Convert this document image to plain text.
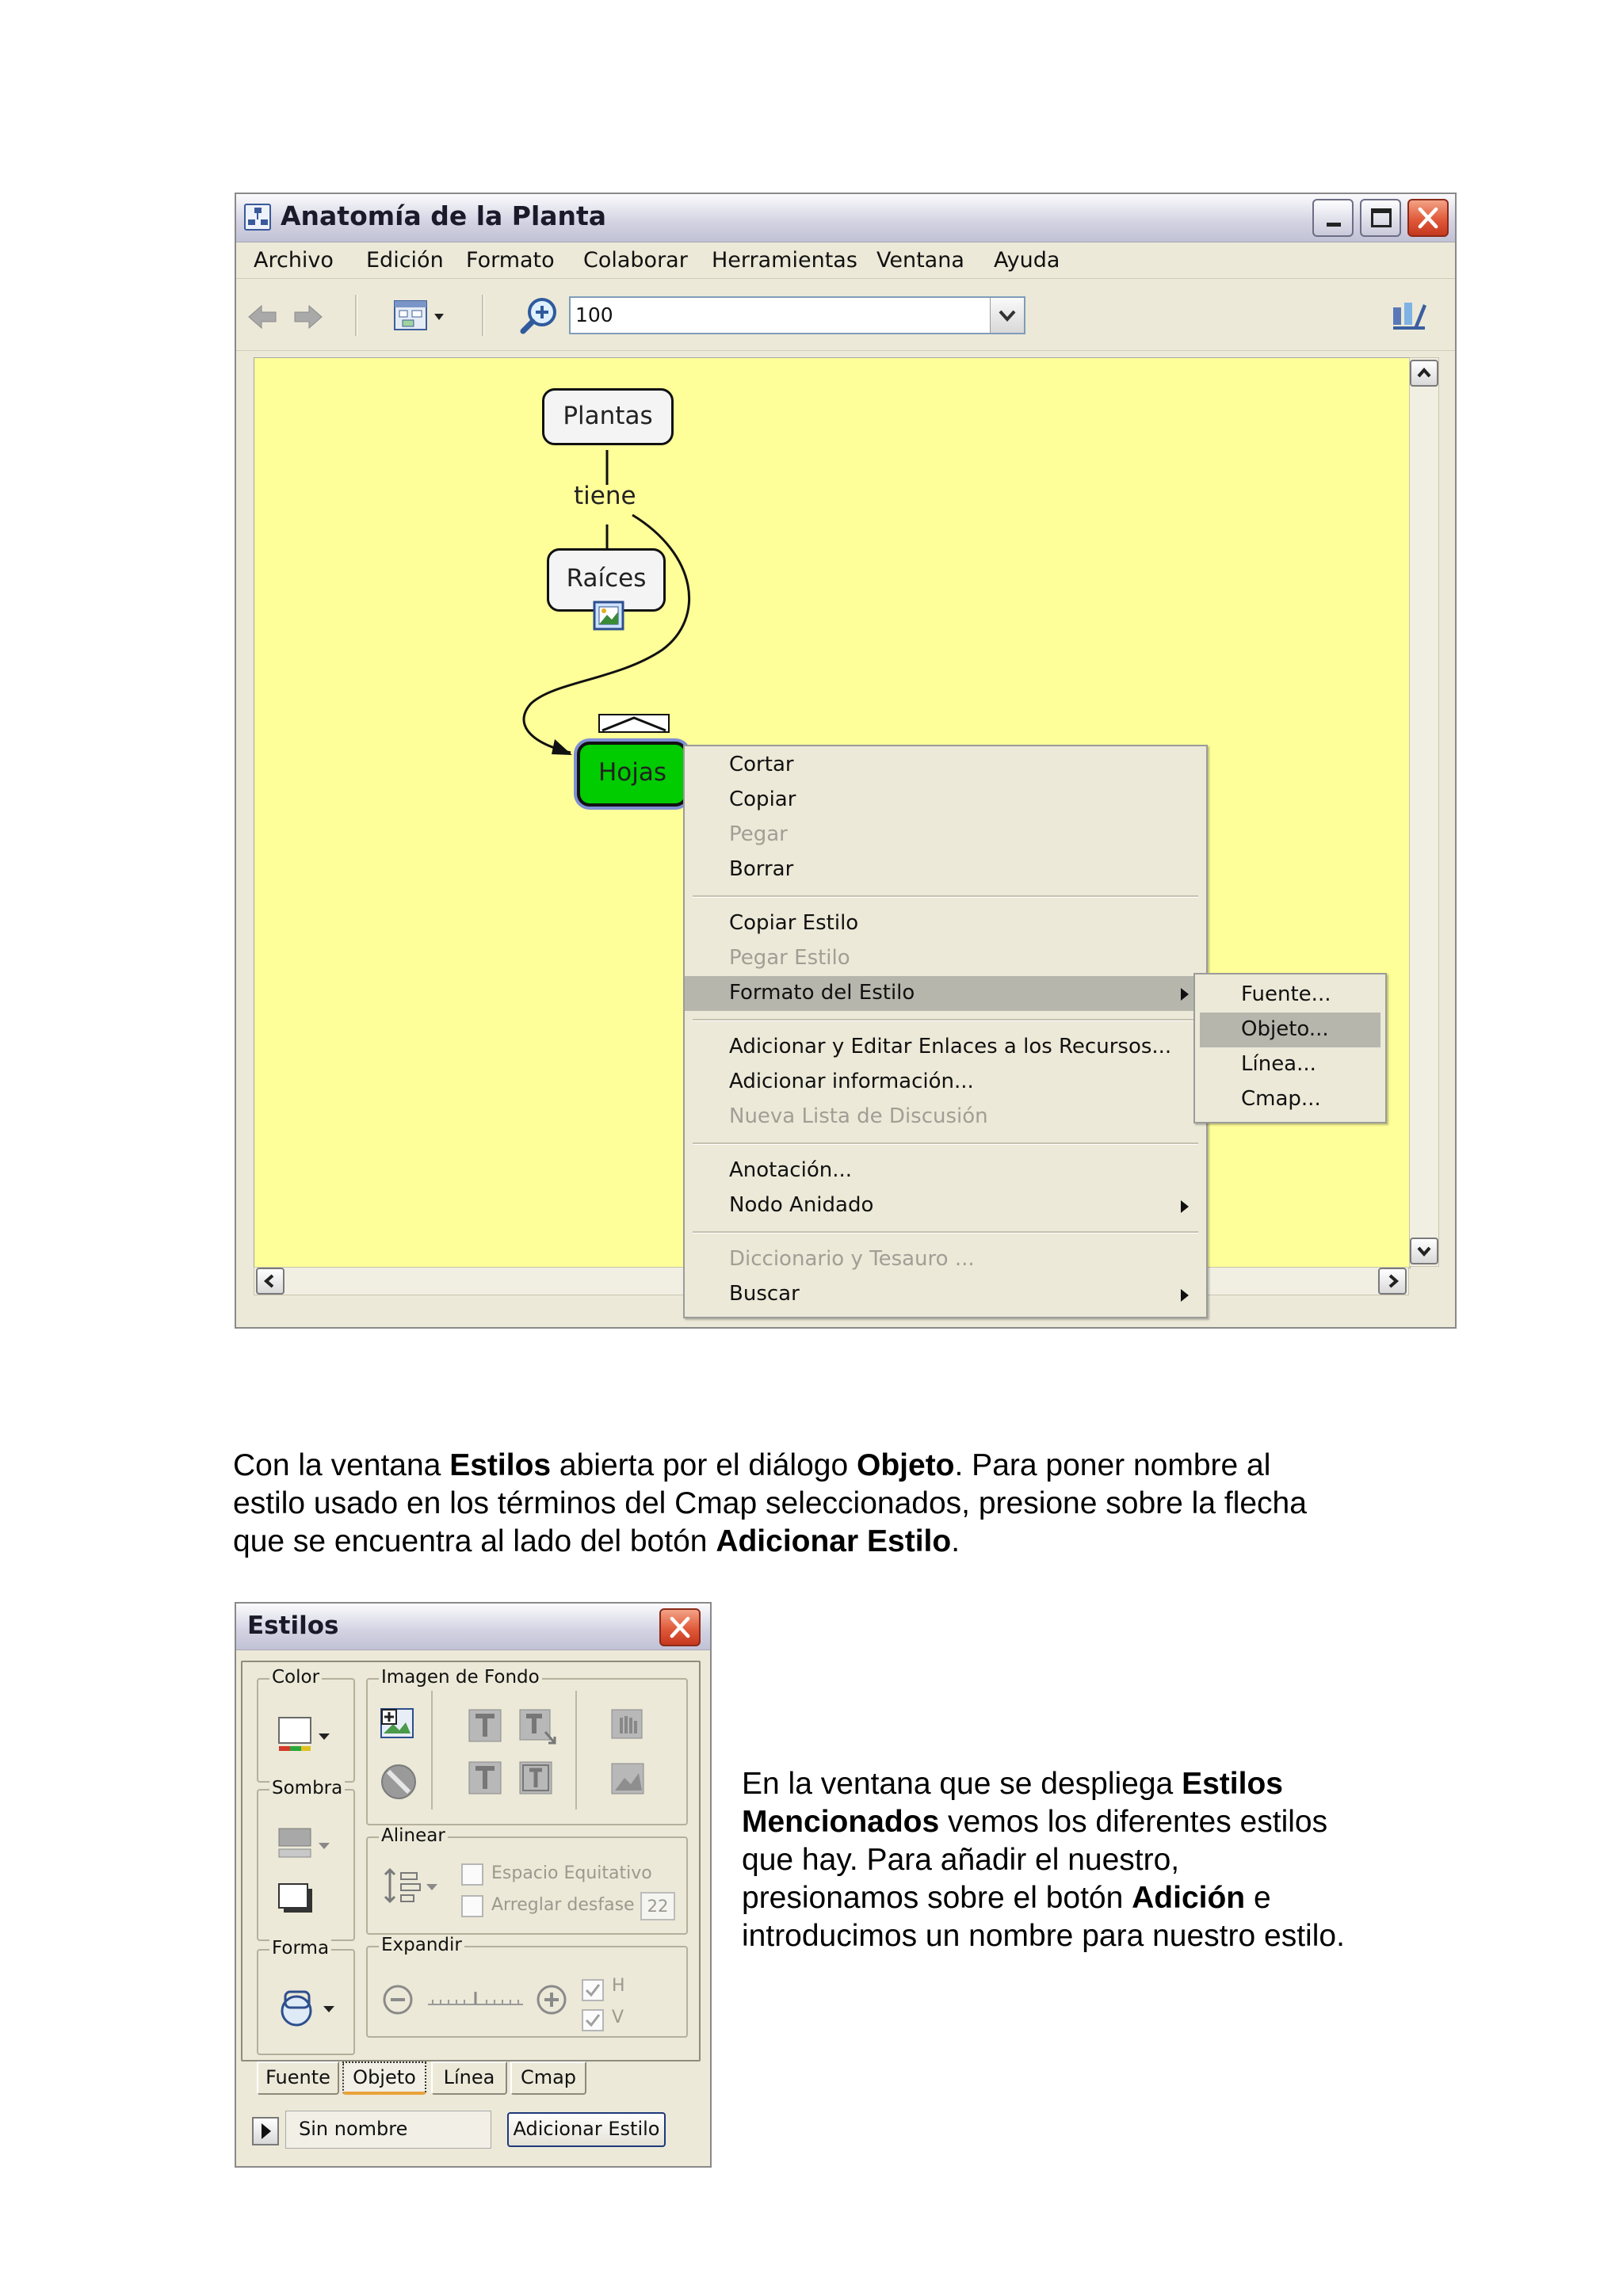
Anatomía de la Planta
Archivo Edición Formato Colaborar Herramientas Ventana Ayuda
100
Plantas
tiene
Raíces
Hojas	Cortar
Copiar
Pegar
Borrar
Copiar Estilo
Pegar Estilo
Formato del Estilo
Adicionar y Editar Enlaces a los Recursos...
Adicionar información...
Nueva Lista de Discusión
Anotación...
Nodo Anidado
Diccionario y Tesauro ...
Buscar
Fuente...
Objeto...
Línea...
Cmap...
Con la ventana Estilos abierta por el diálogo Objeto. Para poner nombre al
estilo usado en los términos del Cmap seleccionados, presione sobre la flecha
que se encuentra al lado del botón Adicionar Estilo.
Estilos
Color
Sombra
Forma
Imagen de Fondo
Alinear
Espacio Equitativo
Arreglar desfase 22
Expandir
H
V
Fuente	Objeto	Línea	Cmap
Sin nombre	Adicionar Estilo
En la ventana que se despliega Estilos
Mencionados vemos los diferentes estilos
que hay. Para añadir el nuestro,
presionamos sobre el botón Adición e
introducimos un nombre para nuestro estilo.
